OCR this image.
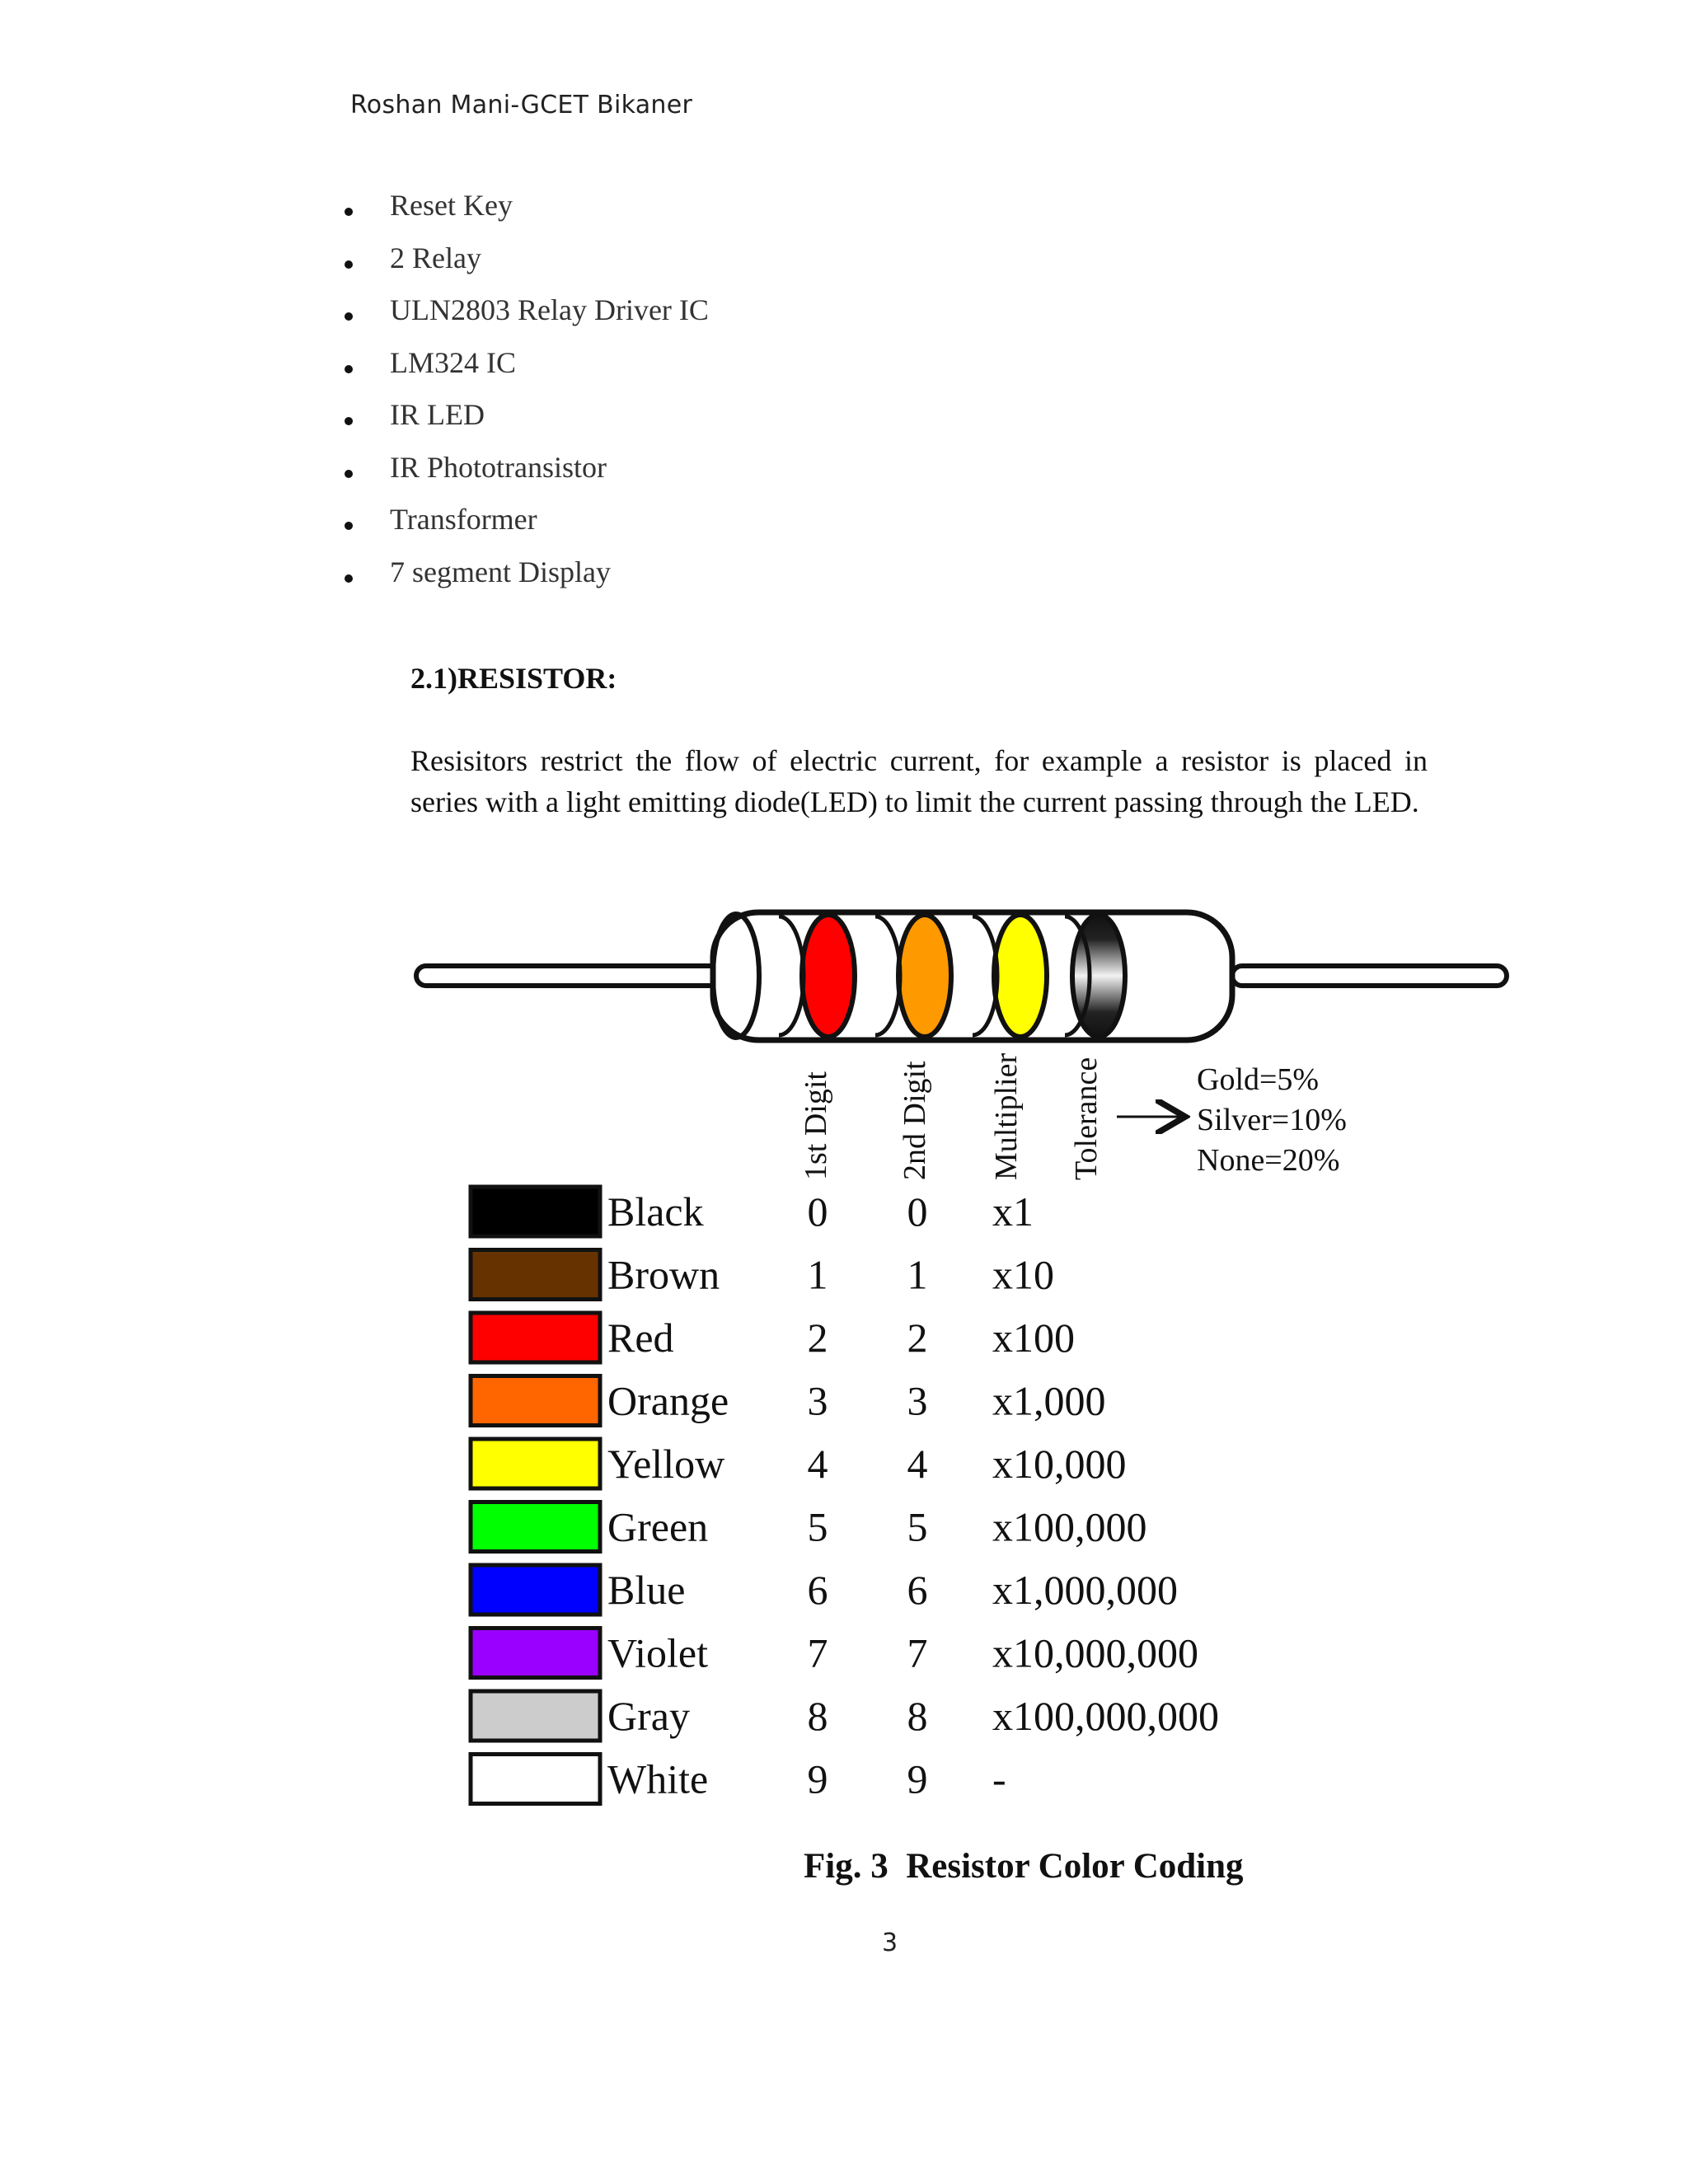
Roshan Mani-GCET Bikaner
Reset Key
2 Relay
ULN2803 Relay Driver IC
LM324 IC
IR LED
IR Phototransistor
Transformer
7 segment Display
2.1)RESISTOR:
Resisitors restrict the flow of electric current, for example a resistor is placed in series with a light emitting diode(LED) to limit the current passing through the LED.
1st Digit 2nd Digit Multiplier Tolerance	Gold=5%
Silver=10%
None=20%
Black	0 0 x1
Brown 1 1 x10
Red	2 2 x100
Orange 3 3 x1,000
Yellow 4 4 x10,000
Green 5 5 x100,000
Blue	6 6 x1,000,000
Violet 7 7 x10,000,000
Gray	8 8 x100,000,000
White 9 9 -
Fig. 3  Resistor Color Coding
3
